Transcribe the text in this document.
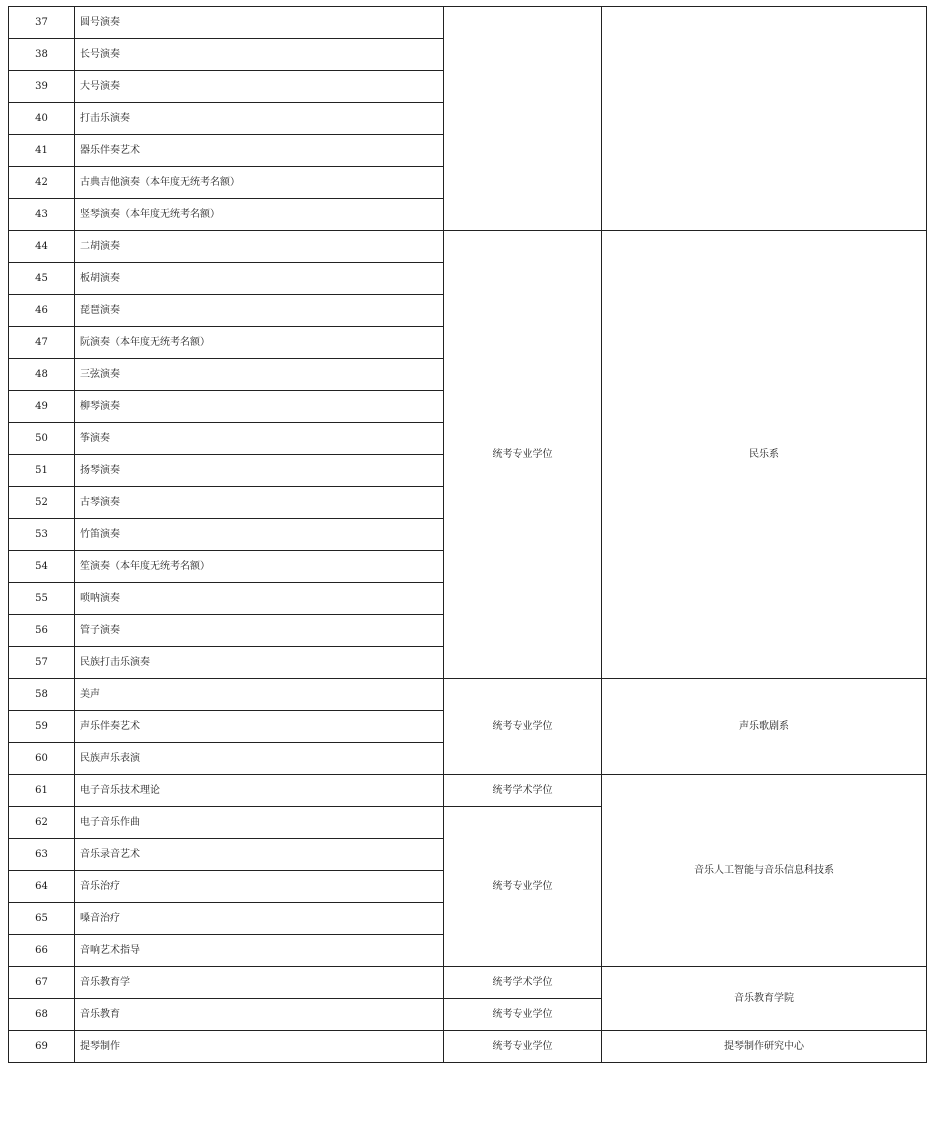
37	圆号演奏		
38	长号演奏		
39	大号演奏		
40	打击乐演奏		
41	器乐伴奏艺术		
42	古典吉他演奏（本年度无统考名额）		
43	竖琴演奏（本年度无统考名额）		
44	二胡演奏	统考专业学位	民乐系
45	板胡演奏		
46	琵琶演奏		
47	阮演奏（本年度无统考名额）		
48	三弦演奏		
49	柳琴演奏		
50	筝演奏		
51	扬琴演奏		
52	古琴演奏		
53	竹笛演奏		
54	笙演奏（本年度无统考名额）		
55	唢呐演奏		
56	管子演奏		
57	民族打击乐演奏		
58	美声	统考专业学位	声乐歌剧系
59	声乐伴奏艺术		
60	民族声乐表演		
61	电子音乐技术理论	统考学术学位	音乐人工智能与音乐信息科技系
62	电子音乐作曲	统考专业学位	
63	音乐录音艺术		
64	音乐治疗		
65	嗓音治疗		
66	音响艺术指导		
67	音乐教育学	统考学术学位	音乐教育学院
68	音乐教育	统考专业学位	
69	提琴制作	统考专业学位	提琴制作研究中心
